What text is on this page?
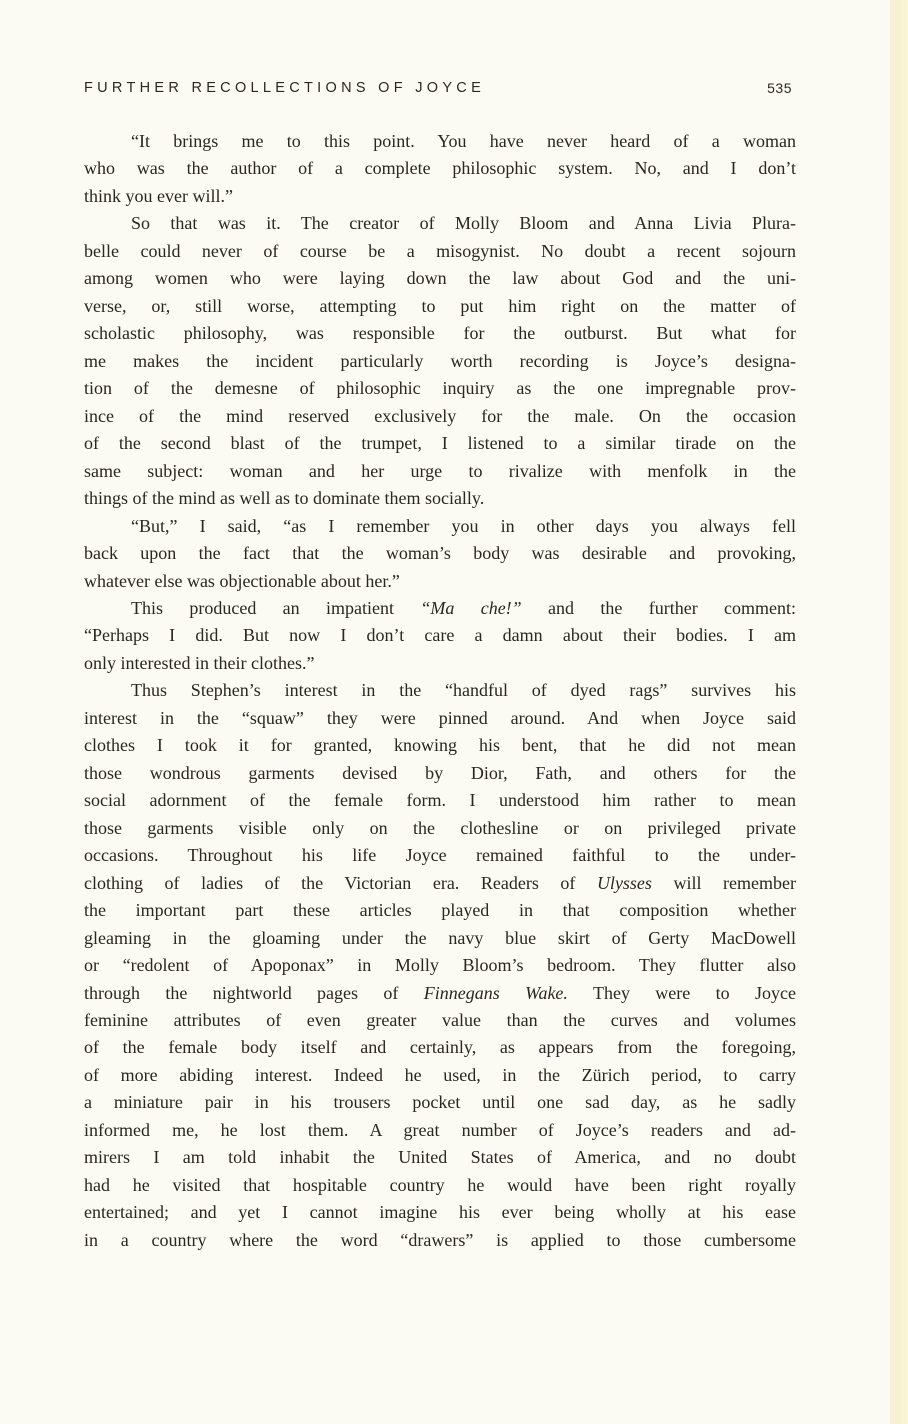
FURTHER RECOLLECTIONS OF JOYCE	535
“It brings me to this point. You have never heard of a woman
who was the author of a complete philosophic system. No, and I don’t
think you ever will.”
So that was it. The creator of Molly Bloom and Anna Livia Plura-
belle could never of course be a misogynist. No doubt a recent sojourn
among women who were laying down the law about God and the uni-
verse, or, still worse, attempting to put him right on the matter of
scholastic philosophy, was responsible for the outburst. But what for
me makes the incident particularly worth recording is Joyce’s designa-
tion of the demesne of philosophic inquiry as the one impregnable prov-
ince of the mind reserved exclusively for the male. On the occasion
of the second blast of the trumpet, I listened to a similar tirade on the
same subject: woman and her urge to rivalize with menfolk in the
things of the mind as well as to dominate them socially.
“But,” I said, “as I remember you in other days you always fell
back upon the fact that the woman’s body was desirable and provoking,
whatever else was objectionable about her.”
This produced an impatient “Ma che!” and the further comment:
“Perhaps I did. But now I don’t care a damn about their bodies. I am
only interested in their clothes.”
Thus Stephen’s interest in the “handful of dyed rags” survives his
interest in the “squaw” they were pinned around. And when Joyce said
clothes I took it for granted, knowing his bent, that he did not mean
those wondrous garments devised by Dior, Fath, and others for the
social adornment of the female form. I understood him rather to mean
those garments visible only on the clothesline or on privileged private
occasions. Throughout his life Joyce remained faithful to the under-
clothing of ladies of the Victorian era. Readers of Ulysses will remember
the important part these articles played in that composition whether
gleaming in the gloaming under the navy blue skirt of Gerty MacDowell
or “redolent of Apoponax” in Molly Bloom’s bedroom. They flutter also
through the nightworld pages of Finnegans Wake. They were to Joyce
feminine attributes of even greater value than the curves and volumes
of the female body itself and certainly, as appears from the foregoing,
of more abiding interest. Indeed he used, in the Zürich period, to carry
a miniature pair in his trousers pocket until one sad day, as he sadly
informed me, he lost them. A great number of Joyce’s readers and ad-
mirers I am told inhabit the United States of America, and no doubt
had he visited that hospitable country he would have been right royally
entertained; and yet I cannot imagine his ever being wholly at his ease
in a country where the word “drawers” is applied to those cumbersome
